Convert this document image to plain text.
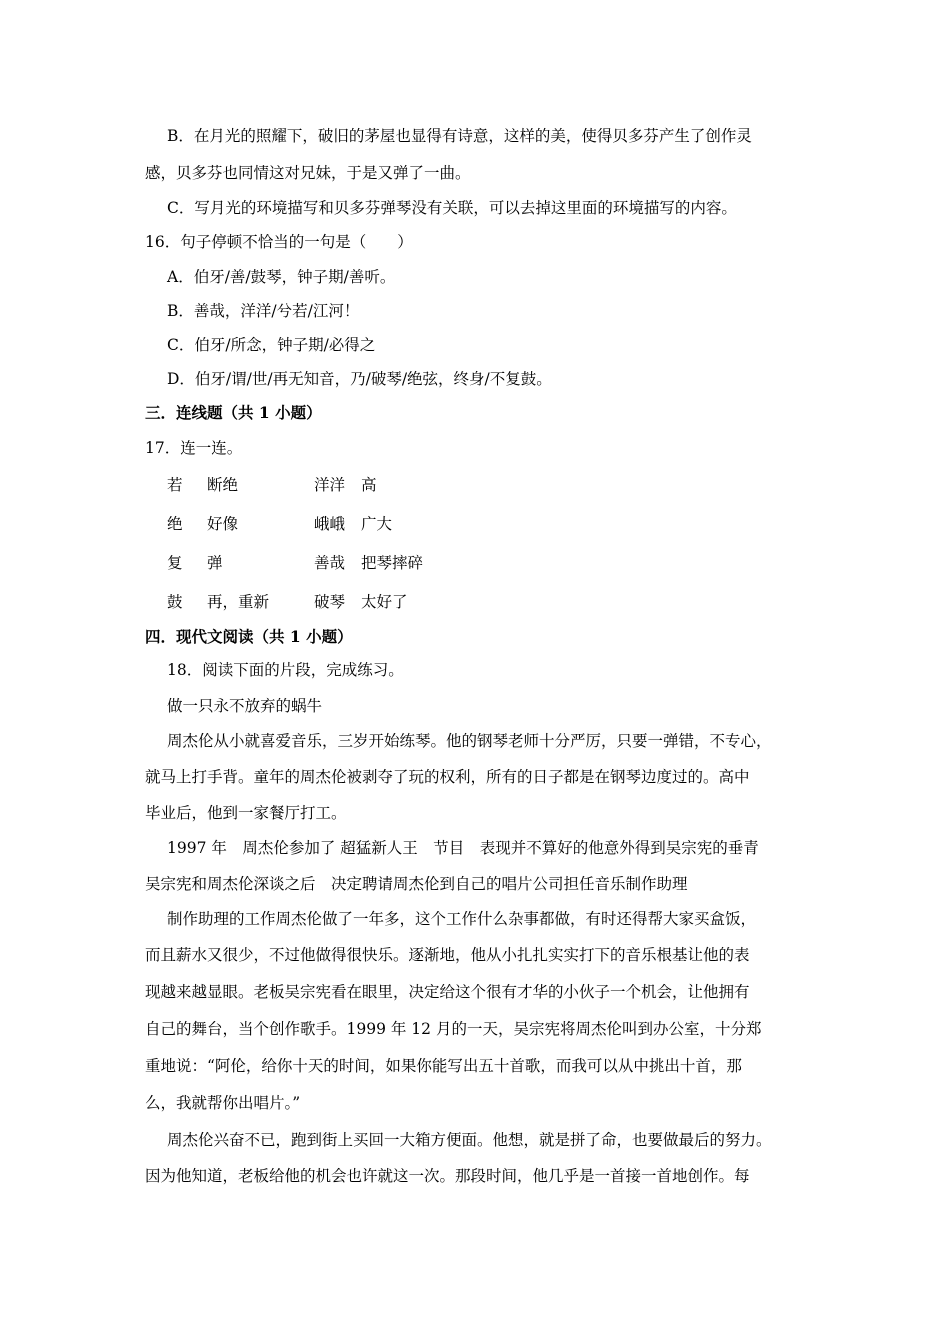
B．在月光的照耀下，破旧的茅屋也显得有诗意，这样的美，使得贝多芬产生了创作灵
感，贝多芬也同情这对兄妹，于是又弹了一曲。
C．写月光的环境描写和贝多芬弹琴没有关联，可以去掉这里面的环境描写的内容。
16．句子停顿不恰当的一句是（　　）
A．伯牙/善/鼓琴，钟子期/善听。
B．善哉，洋洋/兮若/江河！
C．伯牙/所念，钟子期/必得之
D．伯牙/谓/世/再无知音，乃/破琴/绝弦，终身/不复鼓。
三．连线题（共 1 小题）
17．连一连。
若 断绝	洋洋 高
绝 好像	峨峨 广大
复 弹	善哉 把琴摔碎
鼓 再，重新	破琴 太好了
四．现代文阅读（共 1 小题）
18．阅读下面的片段，完成练习。
做一只永不放弃的蜗牛
周杰伦从小就喜爱音乐，三岁开始练琴。他的钢琴老师十分严厉，只要一弹错，不专心，
就马上打手背。童年的周杰伦被剥夺了玩的权利，所有的日子都是在钢琴边度过的。高中
毕业后，他到一家餐厅打工。
1997 年　周杰伦参加了 超猛新人王　节目　表现并不算好的他意外得到吴宗宪的垂青
吴宗宪和周杰伦深谈之后　决定聘请周杰伦到自己的唱片公司担任音乐制作助理
制作助理的工作周杰伦做了一年多，这个工作什么杂事都做，有时还得帮大家买盒饭，
而且薪水又很少，不过他做得很快乐。逐渐地，他从小扎扎实实打下的音乐根基让他的表
现越来越显眼。老板吴宗宪看在眼里，决定给这个很有才华的小伙子一个机会，让他拥有
自己的舞台，当个创作歌手。1999 年 12 月的一天，吴宗宪将周杰伦叫到办公室，十分郑
重地说：“阿伦，给你十天的时间，如果你能写出五十首歌，而我可以从中挑出十首，那
么，我就帮你出唱片。”
周杰伦兴奋不已，跑到街上买回一大箱方便面。他想，就是拼了命，也要做最后的努力。
因为他知道，老板给他的机会也许就这一次。那段时间，他几乎是一首接一首地创作。每
